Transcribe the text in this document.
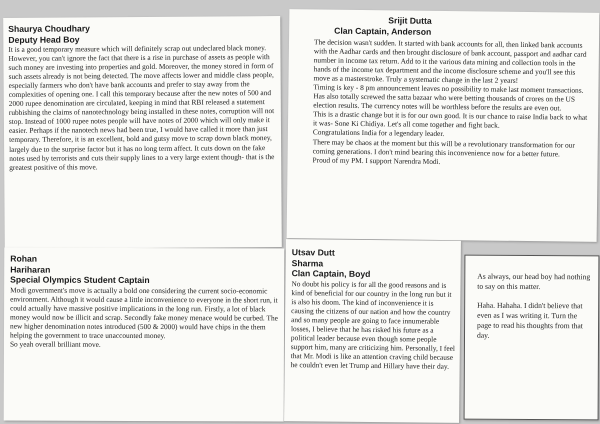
Shaurya Choudhary
Deputy Head Boy

It is a good temporary measure which will definitely scrap out undeclared black money. However, you can't ignore the fact that there is a rise in purchase of assets as people with such money are investing into properties and gold. Moreover, the money stored in form of such assets already is not being detected. The move affects lower and middle class people, especially farmers who don't have bank accounts and prefer to stay away from the complexities of opening one. I call this temporary because after the new notes of 500 and 2000 rupee denomination are circulated, keeping in mind that RBI released a statement rubbishing the claims of nanotechnology being installed in these notes, corruption will not stop. Instead of 1000 rupee notes people will have notes of 2000 which will only make it easier. Perhaps if the nanotech news had been true, I would have called it more than just temporary. Therefore, it is an excellent, bold and gutsy move to scrap down black money, largely due to the surprise factor but it has no long term affect. It cuts down on the fake notes used by terrorists and cuts their supply lines to a very large extent though- that is the greatest positive of this move.

Srijit Dutta
Clan Captain, Anderson

The decision wasn't sudden. It started with bank accounts for all, then linked bank accounts with the Aadhar cards and then brought disclosure of bank account, passport and aadhar card number in income tax return. Add to it the various data mining and collection tools in the hands of the income tax department and the income disclosure scheme and you'll see this move as a masterstroke. Truly a systematic change in the last 2 years!

Timing is key - 8 pm announcement leaves no possibility to make last moment transactions. Has also totally screwed the satta bazaar who were betting thousands of crores on the US election results. The currency notes will be worthless before the results are even out.

This is a drastic change but it is for our own good. It is our chance to raise India back to what it was- Sone Ki Chidiya. Let's all come together and fight back.

Congratulations India for a legendary leader.

There may be chaos at the moment but this will be a revolutionary transformation for our coming generations. I don't mind bearing this inconvenience now for a better future.

Proud of my PM. I support Narendra Modi.

Rohan
Hariharan
Special Olympics Student Captain

Modi government's move is actually a bold one considering the current socio-economic environment. Although it would cause a little inconvenience to everyone in the short run, it could actually have massive positive implications in the long run. Firstly, a lot of black money would now be illicit and scrap. Secondly fake money menace would be curbed. The new higher denomination notes introduced (500 & 2000) would have chips in the them helping the government to trace unaccounted money.

So yeah overall brilliant move.

Utsav Dutt
Sharma
Clan Captain, Boyd

No doubt his policy is for all the good reasons and is kind of beneficial for our country in the long run but it is also his doom. The kind of inconvenience it is causing the citizens of our nation and how the country and so many people are going to face innumerable losses, I believe that he has risked his future as a political leader because even though some people support him, many are criticizing him. Personally, I feel that Mr. Modi is like an attention craving child because he couldn't even let Trump and Hillary have their day.

As always, our head boy had nothing to say on this matter.

Haha. Hahaha. I didn't believe that even as I was writing it. Turn the page to read his thoughts from that day.
